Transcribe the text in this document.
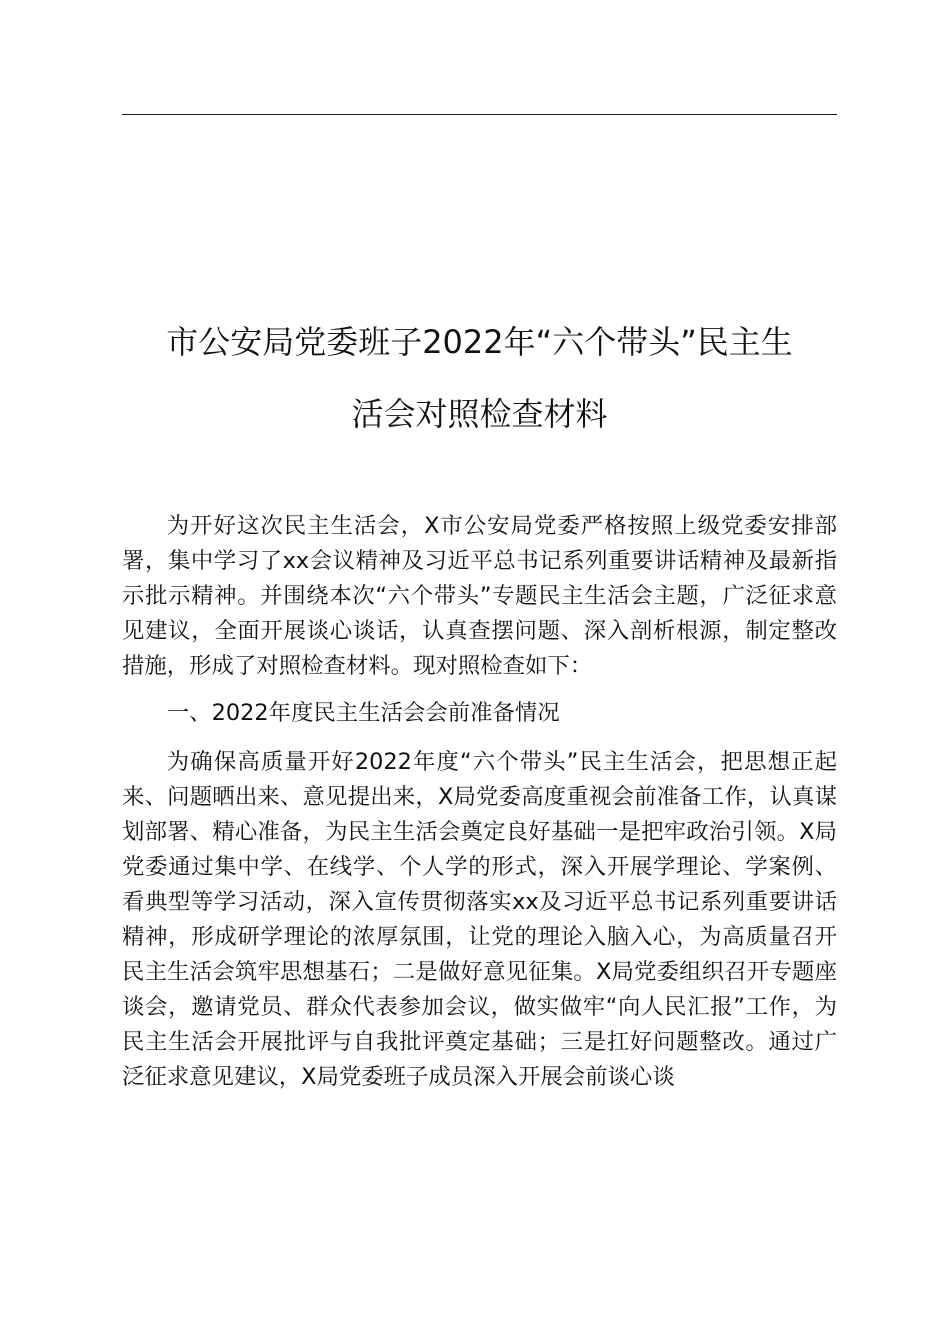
市公安局党委班子2022年“六个带头”民主生
活会对照检查材料

为开好这次民主生活会，X市公安局党委严格按照上级党委安排部署，集中学习了xx会议精神及习近平总书记系列重要讲话精神及最新指示批示精神。并围绕本次“六个带头”专题民主生活会主题，广泛征求意见建议，全面开展谈心谈话，认真查摆问题、深入剖析根源，制定整改措施，形成了对照检查材料。现对照检查如下：

一、2022年度民主生活会会前准备情况

为确保高质量开好2022年度“六个带头”民主生活会，把思想正起来、问题晒出来、意见提出来，X局党委高度重视会前准备工作，认真谋划部署、精心准备，为民主生活会奠定良好基础一是把牢政治引领。X局党委通过集中学、在线学、个人学的形式，深入开展学理论、学案例、看典型等学习活动，深入宣传贯彻落实xx及习近平总书记系列重要讲话精神，形成研学理论的浓厚氛围，让党的理论入脑入心，为高质量召开民主生活会筑牢思想基石；二是做好意见征集。X局党委组织召开专题座谈会，邀请党员、群众代表参加会议，做实做牢“向人民汇报”工作，为民主生活会开展批评与自我批评奠定基础；三是扛好问题整改。通过广泛征求意见建议，X局党委班子成员深入开展会前谈心谈
